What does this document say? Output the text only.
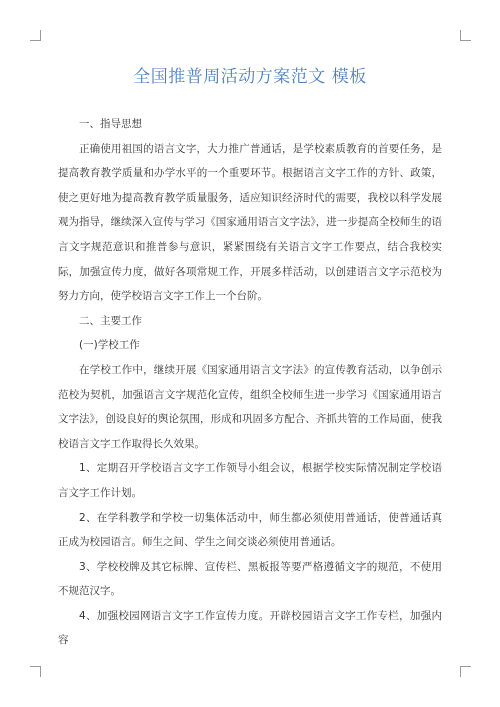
全国推普周活动方案范文 模板

一、指导思想

正确使用祖国的语言文字，大力推广普通话，是学校素质教育的首要任务，是提高教育教学质量和办学水平的一个重要环节。根据语言文字工作的方针、政策，使之更好地为提高教育教学质量服务，适应知识经济时代的需要，我校以科学发展观为指导，继续深入宣传与学习《国家通用语言文字法》，进一步提高全校师生的语言文字规范意识和推普参与意识，紧紧围绕有关语言文字工作要点，结合我校实际，加强宣传力度，做好各项常规工作，开展多样活动，以创建语言文字示范校为努力方向，使学校语言文字工作上一个台阶。

二、主要工作

(一)学校工作

在学校工作中，继续开展《国家通用语言文字法》的宣传教育活动，以争创示范校为契机，加强语言文字规范化宣传，组织全校师生进一步学习《国家通用语言文字法》，创设良好的舆论氛围，形成和巩固多方配合、齐抓共管的工作局面，使我校语言文字工作取得长久效果。

1、定期召开学校语言文字工作领导小组会议，根据学校实际情况制定学校语言文字工作计划。

2、在学科教学和学校一切集体活动中，师生都必须使用普通话，使普通话真正成为校园语言。师生之间、学生之间交谈必须使用普通话。

3、学校校牌及其它标牌、宣传栏、黑板报等要严格遵循文字的规范，不使用不规范汉字。

4、加强校园网语言文字工作宣传力度。开辟校园语言文字工作专栏，加强内容
